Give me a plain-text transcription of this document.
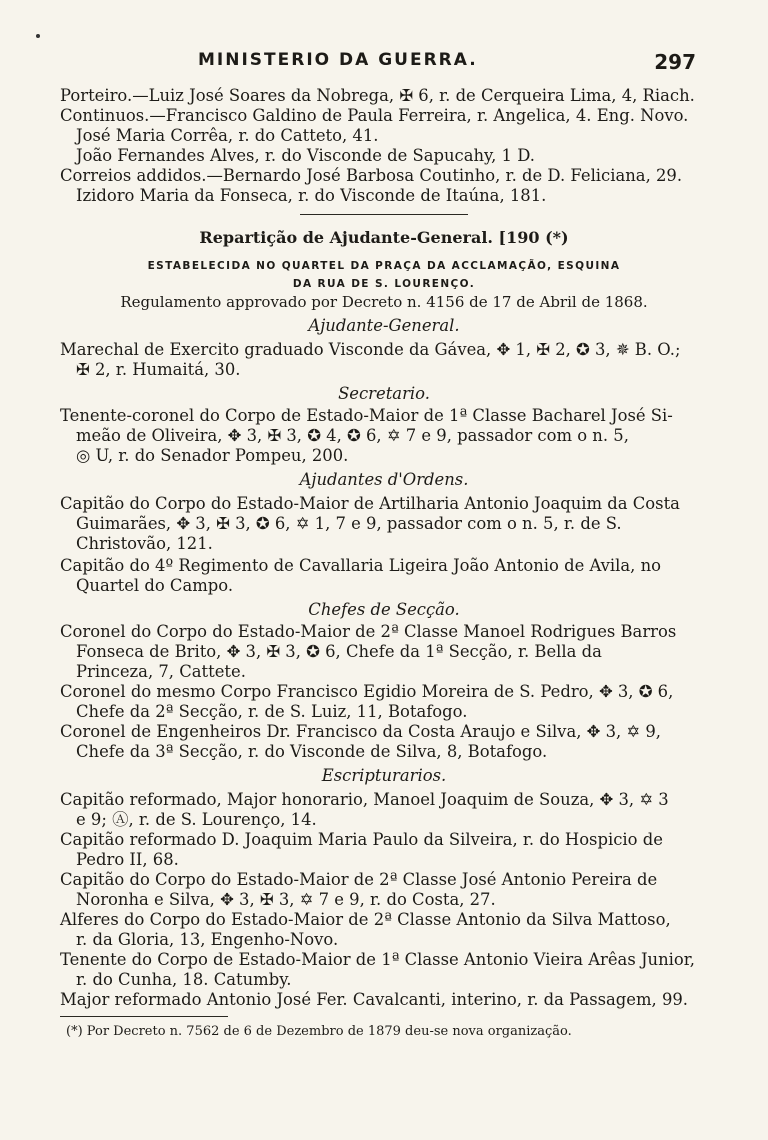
MINISTERIO DA GUERRA.	297
Porteiro.—Luiz José Soares da Nobrega, ✠ 6, r. de Cerqueira Lima, 4, Riach.
Continuos.—Francisco Galdino de Paula Ferreira, r. Angelica, 4. Eng. Novo.
José Maria Corrêa, r. do Catteto, 41.
João Fernandes Alves, r. do Visconde de Sapucahy, 1 D.
Correios addidos.—Bernardo José Barbosa Coutinho, r. de D. Feliciana, 29.
Izidoro Maria da Fonseca, r. do Visconde de Itaúna, 181.
Repartição de Ajudante-General. [190 (*)
ESTABELECIDA NO QUARTEL DA PRAÇA DA ACCLAMAÇÃO, ESQUINA
DA RUA DE S. LOURENÇO.
Regulamento approvado por Decreto n. 4156 de 17 de Abril de 1868.
Ajudante-General.
Marechal de Exercito graduado Visconde da Gávea, ✥ 1, ✠ 2, ✪ 3, ✵ B. O.;
✠ 2, r. Humaitá, 30.
Secretario.
Tenente-coronel do Corpo de Estado-Maior de 1ª Classe Bacharel José Si-
meão de Oliveira, ✥ 3, ✠ 3, ✪ 4, ✪ 6, ✡ 7 e 9, passador com o n. 5,
◎ U, r. do Senador Pompeu, 200.
Ajudantes d'Ordens.
Capitão do Corpo do Estado-Maior de Artilharia Antonio Joaquim da Costa
Guimarães, ✥ 3, ✠ 3, ✪ 6, ✡ 1, 7 e 9, passador com o n. 5, r. de S.
Christovão, 121.
Capitão do 4º Regimento de Cavallaria Ligeira João Antonio de Avila, no
Quartel do Campo.
Chefes de Secção.
Coronel do Corpo do Estado-Maior de 2ª Classe Manoel Rodrigues Barros
Fonseca de Brito, ✥ 3, ✠ 3, ✪ 6, Chefe da 1ª Secção, r. Bella da
Princeza, 7, Cattete.
Coronel do mesmo Corpo Francisco Egidio Moreira de S. Pedro, ✥ 3, ✪ 6,
Chefe da 2ª Secção, r. de S. Luiz, 11, Botafogo.
Coronel de Engenheiros Dr. Francisco da Costa Araujo e Silva, ✥ 3, ✡ 9,
Chefe da 3ª Secção, r. do Visconde de Silva, 8, Botafogo.
Escripturarios.
Capitão reformado, Major honorario, Manoel Joaquim de Souza, ✥ 3, ✡ 3
e 9; Ⓐ, r. de S. Lourenço, 14.
Capitão reformado D. Joaquim Maria Paulo da Silveira, r. do Hospicio de
Pedro II, 68.
Capitão do Corpo do Estado-Maior de 2ª Classe José Antonio Pereira de
Noronha e Silva, ✥ 3, ✠ 3, ✡ 7 e 9, r. do Costa, 27.
Alferes do Corpo do Estado-Maior de 2ª Classe Antonio da Silva Mattoso,
r. da Gloria, 13, Engenho-Novo.
Tenente do Corpo de Estado-Maior de 1ª Classe Antonio Vieira Arêas Junior,
r. do Cunha, 18. Catumby.
Major reformado Antonio José Fer. Cavalcanti, interino, r. da Passagem, 99.
(*) Por Decreto n. 7562 de 6 de Dezembro de 1879 deu-se nova organização.
